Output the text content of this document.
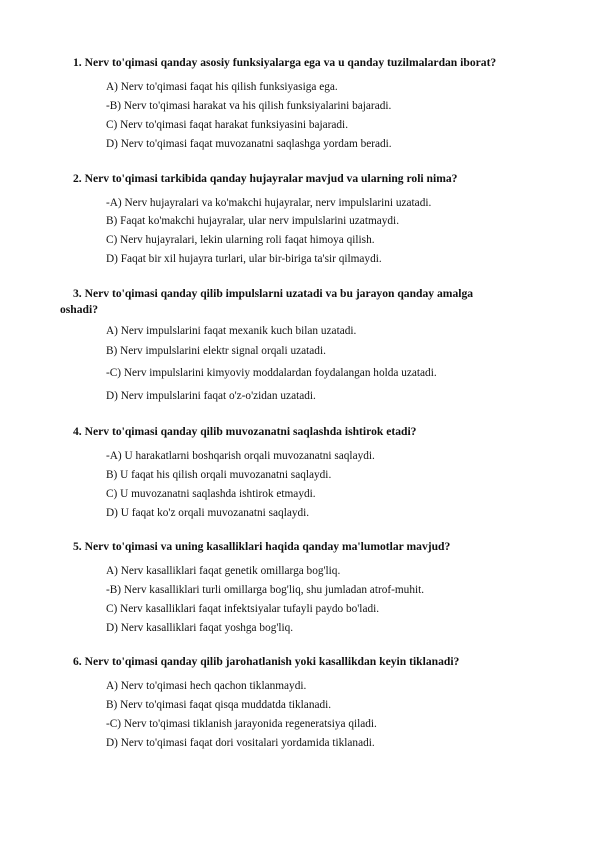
1. Nerv to'qimasi qanday asosiy funksiyalarga ega va u qanday tuzilmalardan iborat?
A) Nerv to'qimasi faqat his qilish funksiyasiga ega.
-B) Nerv to'qimasi harakat va his qilish funksiyalarini bajaradi.
C) Nerv to'qimasi faqat harakat funksiyasini bajaradi.
D) Nerv to'qimasi faqat muvozanatni saqlashga yordam beradi.
2. Nerv to'qimasi tarkibida qanday hujayralar mavjud va ularning roli nima?
-A) Nerv hujayralari va ko'makchi hujayralar, nerv impulslarini uzatadi.
B) Faqat ko'makchi hujayralar, ular nerv impulslarini uzatmaydi.
C) Nerv hujayralari, lekin ularning roli faqat himoya qilish.
D) Faqat bir xil hujayra turlari, ular bir-biriga ta'sir qilmaydi.
3. Nerv to'qimasi qanday qilib impulslarni uzatadi va bu jarayon qanday amalga oshadi?
A) Nerv impulslarini faqat mexanik kuch bilan uzatadi.
B) Nerv impulslarini elektr signal orqali uzatadi.
-C) Nerv impulslarini kimyoviy moddalardan foydalangan holda uzatadi.
D) Nerv impulslarini faqat o'z-o'zidan uzatadi.
4. Nerv to'qimasi qanday qilib muvozanatni saqlashda ishtirok etadi?
-A) U harakatlarni boshqarish orqali muvozanatni saqlaydi.
B) U faqat his qilish orqali muvozanatni saqlaydi.
C) U muvozanatni saqlashda ishtirok etmaydi.
D) U faqat ko'z orqali muvozanatni saqlaydi.
5. Nerv to'qimasi va uning kasalliklari haqida qanday ma'lumotlar mavjud?
A) Nerv kasalliklari faqat genetik omillarga bog'liq.
-B) Nerv kasalliklari turli omillarga bog'liq, shu jumladan atrof-muhit.
C) Nerv kasalliklari faqat infektsiyalar tufayli paydo bo'ladi.
D) Nerv kasalliklari faqat yoshga bog'liq.
6. Nerv to'qimasi qanday qilib jarohatlanish yoki kasallikdan keyin tiklanadi?
A) Nerv to'qimasi hech qachon tiklanmaydi.
B) Nerv to'qimasi faqat qisqa muddatda tiklanadi.
-C) Nerv to'qimasi tiklanish jarayonida regeneratsiya qiladi.
D) Nerv to'qimasi faqat dori vositalari yordamida tiklanadi.
